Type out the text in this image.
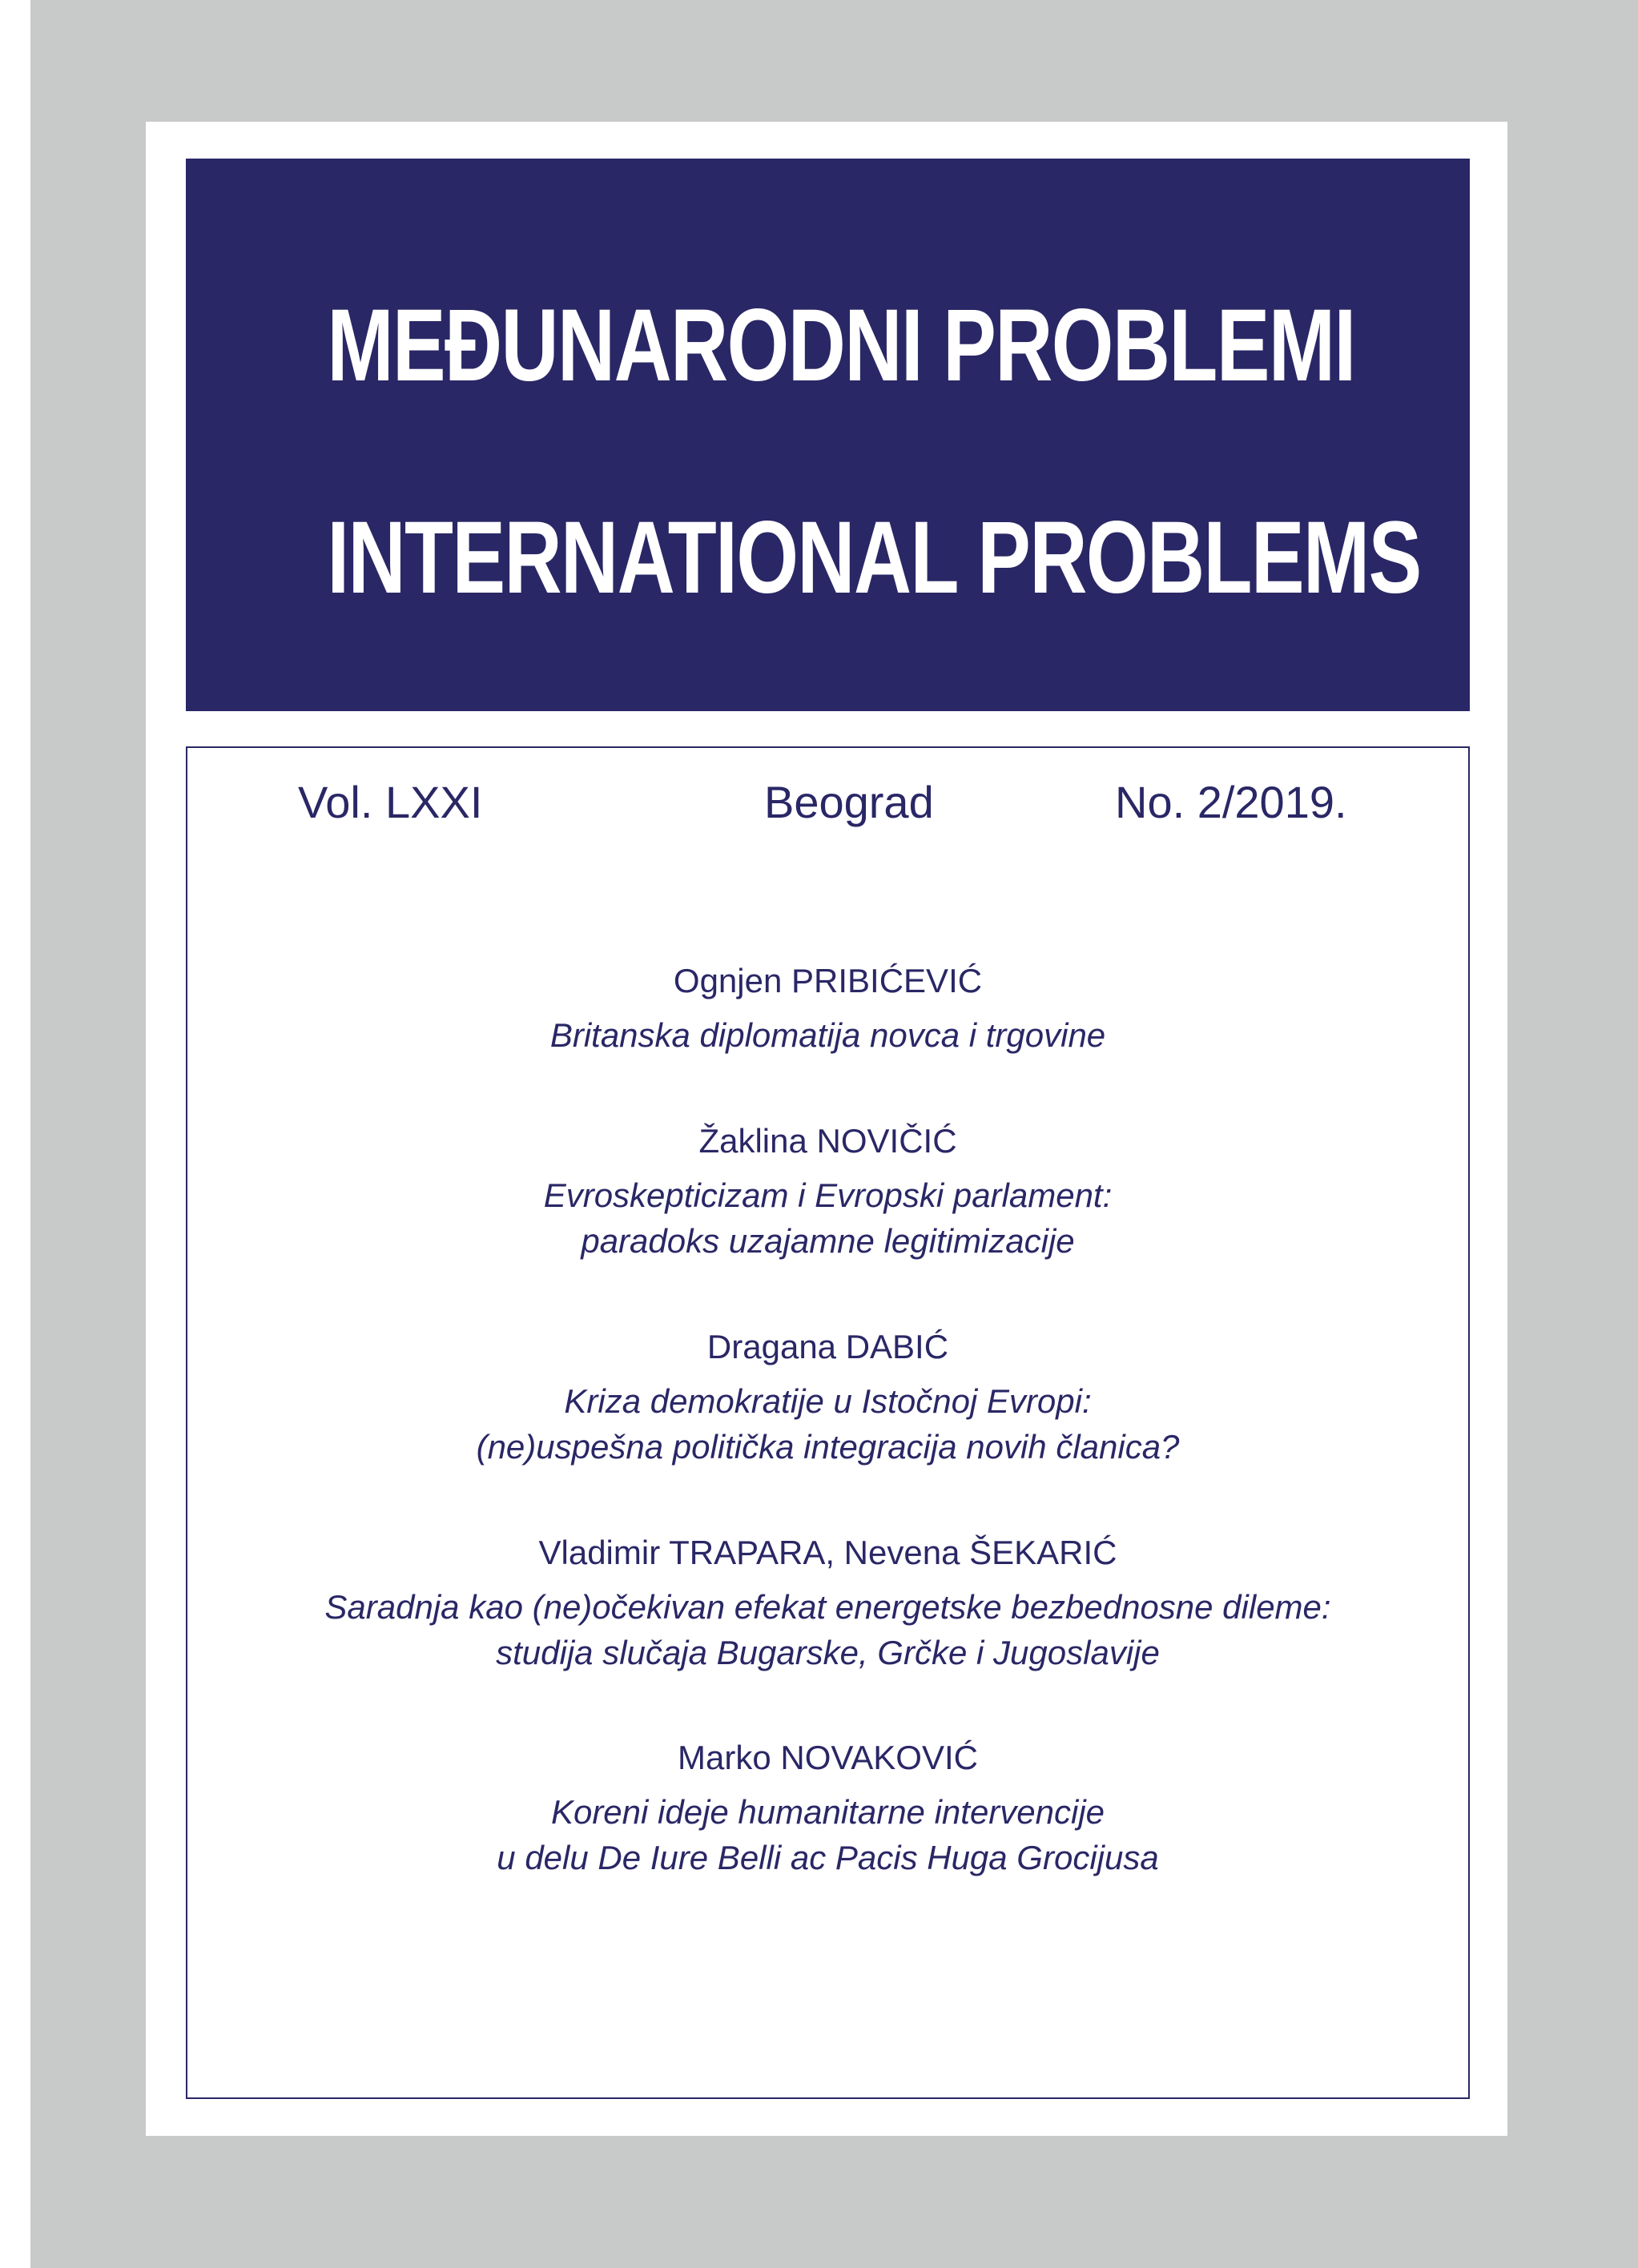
MEĐUNARODNI PROBLEMI
INTERNATIONAL PROBLEMS
Vol. LXXI	Beograd	No. 2/2019.
Ognjen PRIBIĆEVIĆ
Britanska diplomatija novca i trgovine
Žaklina NOVIČIĆ
Evroskepticizam i Evropski parlament:
paradoks uzajamne legitimizacije
Dragana DABIĆ
Kriza demokratije u Istočnoj Evropi:
(ne)uspešna politička integracija novih članica?
Vladimir TRAPARA, Nevena ŠEKARIĆ
Saradnja kao (ne)očekivan efekat energetske bezbednosne dileme:
studija slučaja Bugarske, Grčke i Jugoslavije
Marko NOVAKOVIĆ
Koreni ideje humanitarne intervencije
u delu De Iure Belli ac Pacis Huga Grocijusa
